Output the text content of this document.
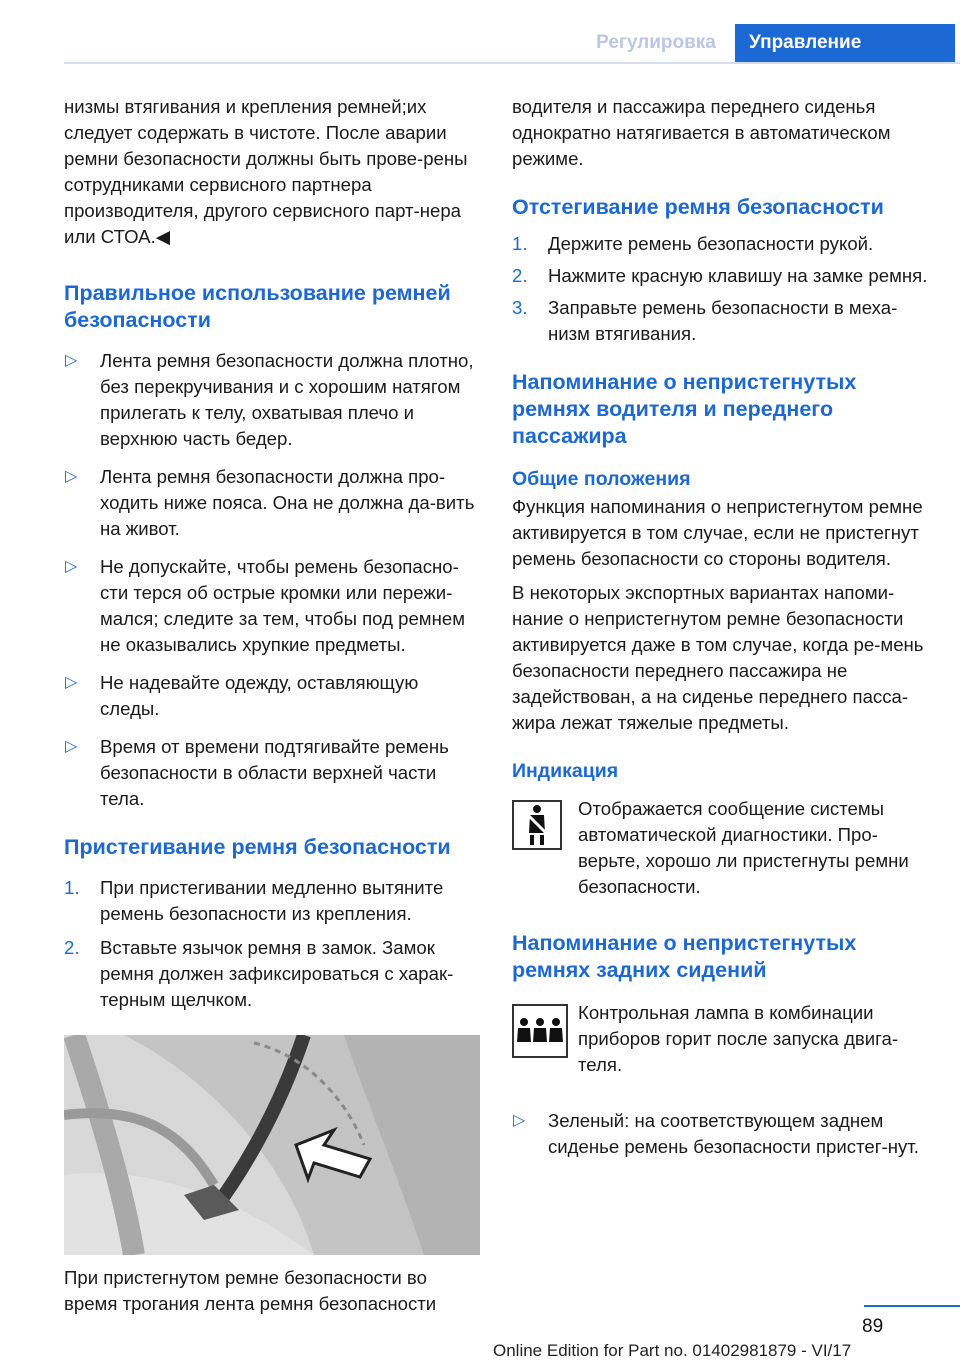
Регулировка	Управление

низмы втягивания и крепления ремней;их следует содержать в чистоте. После аварии ремни безопасности должны быть прове-рены сотрудниками сервисного партнера производителя, другого сервисного парт-нера или СТОА.◀

Правильное использование ремней безопасности
▷ Лента ремня безопасности должна плотно, без перекручивания и с хорошим натягом прилегать к телу, охватывая плечо и верхнюю часть бедер.

▷ Лента ремня безопасности должна про-ходить ниже пояса. Она не должна да-вить на живот.

▷ Не допускайте, чтобы ремень безопасно-сти терся об острые кромки или пережи-мался; следите за тем, чтобы под ремнем не оказывались хрупкие предметы.

▷ Не надевайте одежду, оставляющую следы.

▷ Время от времени подтягивайте ремень безопасности в области верхней части тела.

Пристегивание ремня безопасности
1. При пристегивании медленно вытяните ремень безопасности из крепления.

2. Вставьте язычок ремня в замок. Замок ремня должен зафиксироваться с харак-терным щелчком.

При пристегнутом ремне безопасности во время трогания лента ремня безопасности

водителя и пассажира переднего сиденья однократно натягивается в автоматическом режиме.

Отстегивание ремня безопасности
1. Держите ремень безопасности рукой.

2. Нажмите красную клавишу на замке ремня.

3. Заправьте ремень безопасности в меха-низм втягивания.

Напоминание о непристегнутых ремнях водителя и переднего пассажира
Общие положения

Функция напоминания о непристегнутом ремне активируется в том случае, если не пристегнут ремень безопасности со стороны водителя.

В некоторых экспортных вариантах напоми-нание о непристегнутом ремне безопасности активируется даже в том случае, когда ре-мень безопасности переднего пассажира не задействован, а на сиденье переднего пасса-жира лежат тяжелые предметы.

Индикация

Отображается сообщение системы автоматической диагностики. Про-верьте, хорошо ли пристегнуты ремни безопасности.

Напоминание о непристегнутых ремнях задних сидений

Контрольная лампа в комбинации приборов горит после запуска двига-теля.

▷ Зеленый: на соответствующем заднем сиденье ремень безопасности пристег-нут.

89
Online Edition for Part no. 01402981879 - VI/17
